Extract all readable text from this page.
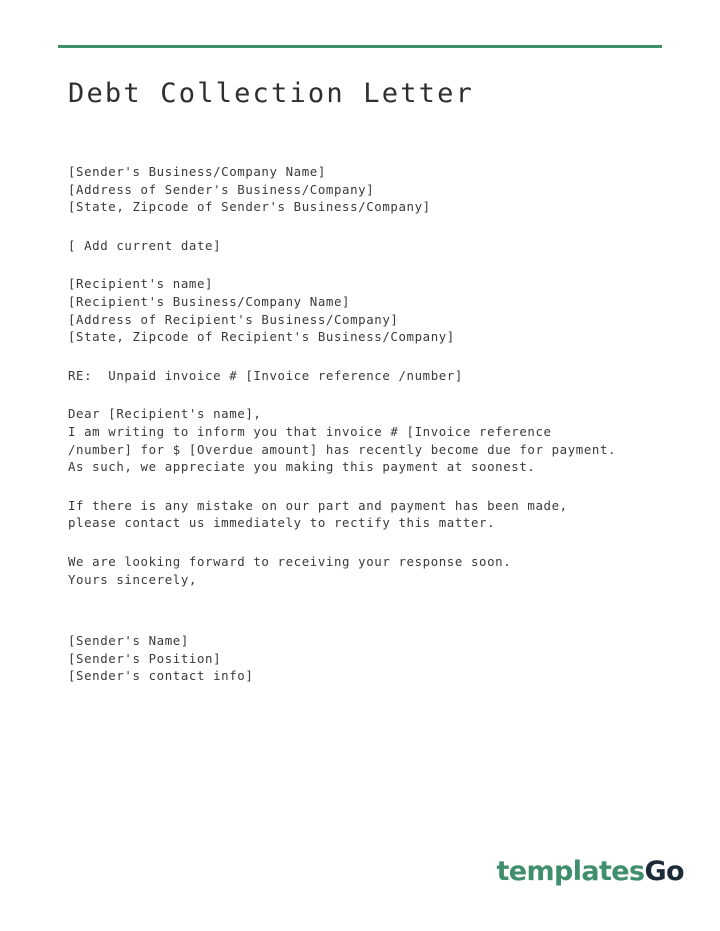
Debt Collection Letter
[Sender's Business/Company Name]
[Address of Sender's Business/Company]
[State, Zipcode of Sender's Business/Company]
[ Add current date]
[Recipient's name]
[Recipient's Business/Company Name]
[Address of Recipient's Business/Company]
[State, Zipcode of Recipient's Business/Company]
RE:  Unpaid invoice # [Invoice reference /number]
Dear [Recipient's name],
I am writing to inform you that invoice # [Invoice reference
/number] for $ [Overdue amount] has recently become due for payment.
As such, we appreciate you making this payment at soonest.
If there is any mistake on our part and payment has been made,
please contact us immediately to rectify this matter.
We are looking forward to receiving your response soon.
Yours sincerely,
[Sender's Name]
[Sender's Position]
[Sender's contact info]
templates Go
